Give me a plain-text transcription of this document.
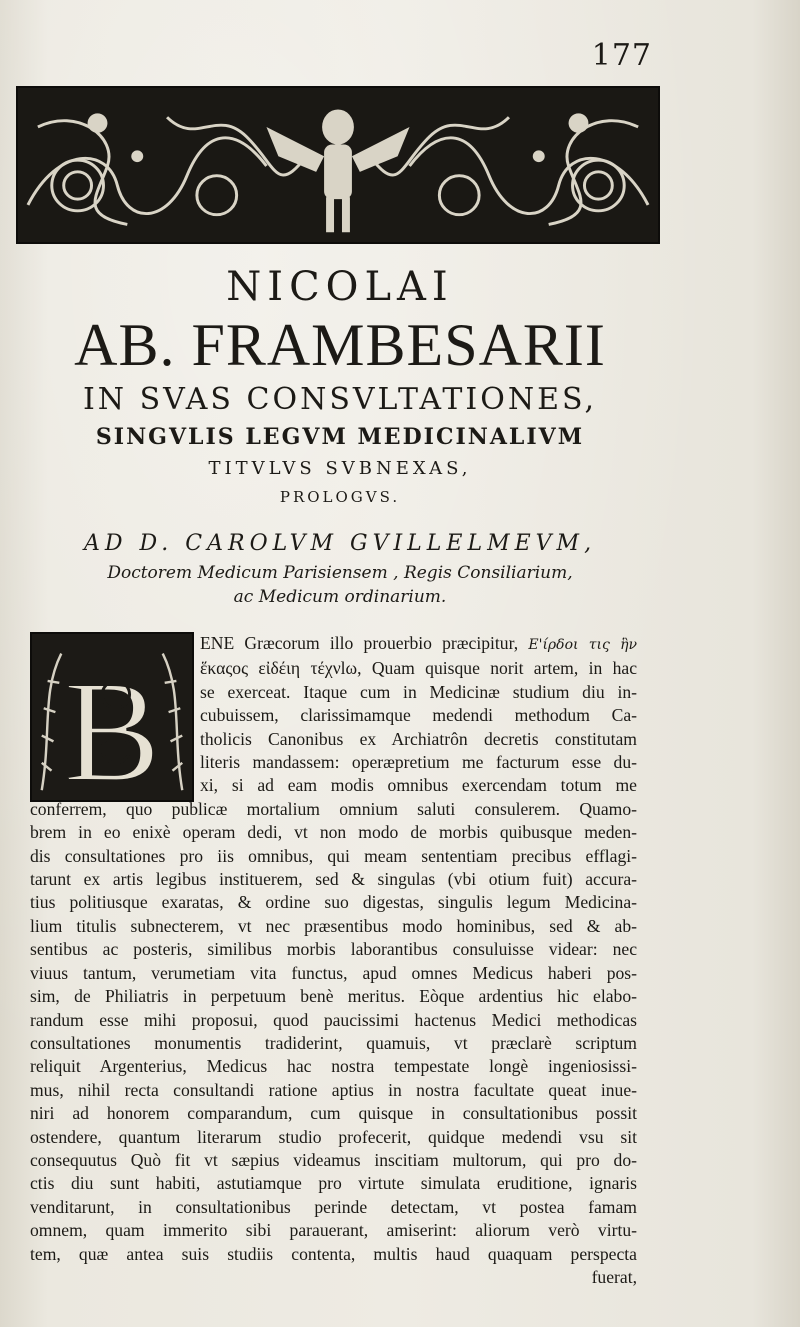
177
NICOLAI
AB. FRAMBESARII
IN SVAS CONSVLTATIONES,
SINGVLIS LEGVM MEDICINALIVM
TITVLVS SVBNEXAS,
PROLOGVS.
AD D. CAROLVM GVILLELMEVM,
Doctorem Medicum Parisiensem , Regis Consiliarium,
ac Medicum ordinarium.
B
ENE Græcorum illo prouerbio præcipitur, Ε'ίρδοι τις ἣν
ἕκαςος εἰδέιη τέχνlω, Quam quisque norit artem, in hac
se exerceat. Itaque cum in Medicinæ studium diu in-
cubuissem, clarissimamque medendi methodum Ca-
tholicis Canonibus ex Archiatrôn decretis constitutam
literis mandassem: operæpretium me facturum esse du-
xi, si ad eam modis omnibus exercendam totum me
conferrem, quo publicæ mortalium omnium saluti consulerem. Quamo-
brem in eo enixè operam dedi, vt non modo de morbis quibusque meden-
dis consultationes pro iis omnibus, qui meam sententiam precibus efflagi-
tarunt ex artis legibus instituerem, sed & singulas (vbi otium fuit) accura-
tius politiusque exaratas, & ordine suo digestas, singulis legum Medicina-
lium titulis subnecterem, vt nec præsentibus modo hominibus, sed & ab-
sentibus ac posteris, similibus morbis laborantibus consuluisse videar: nec
viuus tantum, verumetiam vita functus, apud omnes Medicus haberi pos-
sim, de Philiatris in perpetuum benè meritus. Eòque ardentius hic elabo-
randum esse mihi proposui, quod paucissimi hactenus Medici methodicas
consultationes monumentis tradiderint, quamuis, vt præclarè scriptum
reliquit Argenterius, Medicus hac nostra tempestate longè ingeniosissi-
mus, nihil recta consultandi ratione aptius in nostra facultate queat inue-
niri ad honorem comparandum, cum quisque in consultationibus possit
ostendere, quantum literarum studio profecerit, quidque medendi vsu sit
consequutus Quò fit vt sæpius videamus inscitiam multorum, qui pro do-
ctis diu sunt habiti, astutiamque pro virtute simulata eruditione, ignaris
venditarunt, in consultationibus perinde detectam, vt postea famam
omnem, quam immerito sibi parauerant, amiserint: aliorum verò virtu-
tem, quæ antea suis studiis contenta, multis haud quaquam perspecta
fuerat,
